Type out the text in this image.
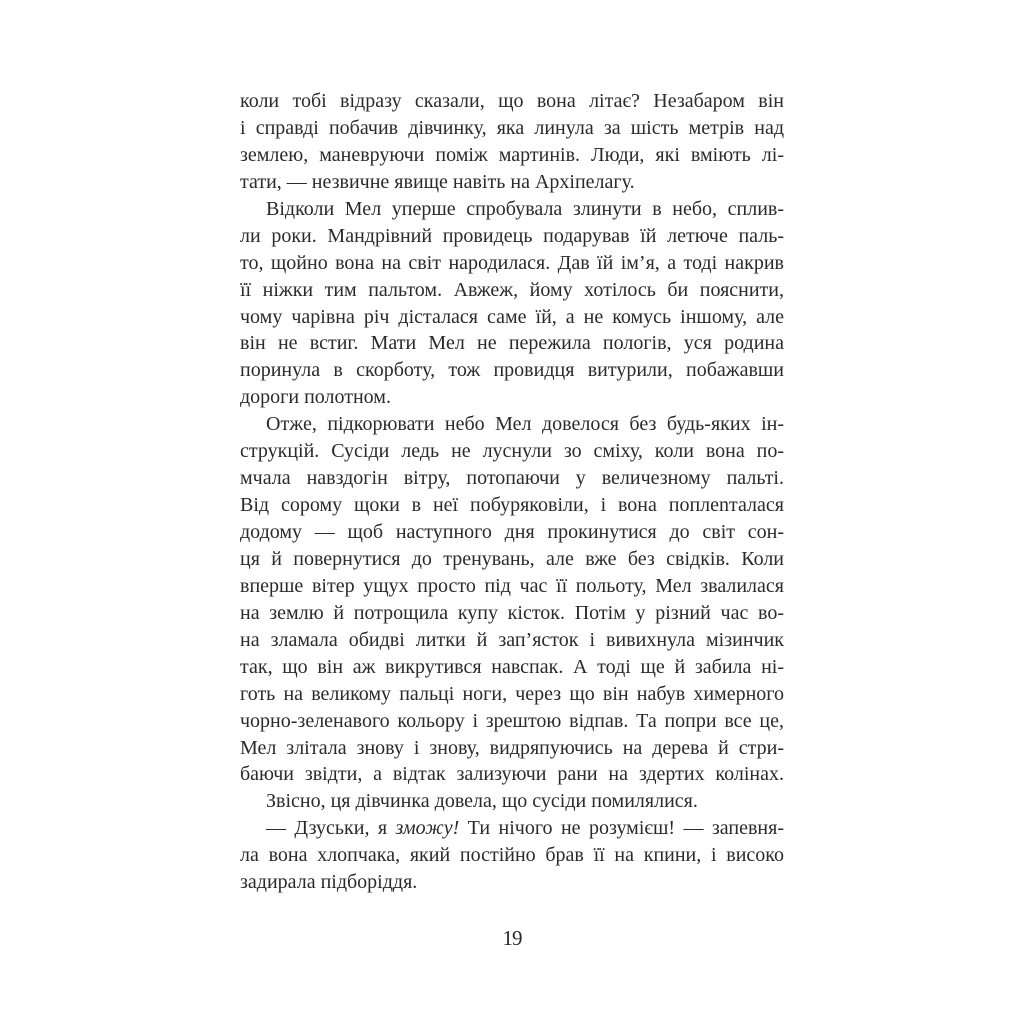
коли тобі відразу сказали, що вона літає? Незабаром він
і справді побачив дівчинку, яка линула за шість метрів над
землею, маневруючи поміж мартинів. Люди, які вміють лі-
тати, — незвичне явище навіть на Архіпелагу.
Відколи Мел уперше спробувала злинути в небо, сплив-
ли роки. Мандрівний провидець подарував їй летюче паль-
то, щойно вона на світ народилася. Дав їй ім’я, а тоді накрив
її ніжки тим пальтом. Авжеж, йому хотілось би пояснити,
чому чарівна річ дісталася саме їй, а не комусь іншому, але
він не встиг. Мати Мел не пережила пологів, уся родина
поринула в скорботу, тож провидця витурили, побажавши
дороги полотном.
Отже, підкорювати небо Мел довелося без будь-яких ін-
струкцій. Сусіди ледь не луснули зо сміху, коли вона по-
мчала навздогін вітру, потопаючи у величезному пальті.
Від сорому щоки в неї побуряковіли, і вона поплenталася
додому — щоб наступного дня прокинутися до світ сон-
ця й повернутися до тренувань, але вже без свідків. Коли
вперше вітер ущух просто під час її польоту, Мел звалилася
на землю й потрощила купу кісток. Потім у різний час во-
на зламала обидві литки й зап’ясток і вивихнула мізинчик
так, що він аж викрутився навспак. А тоді ще й забила ні-
готь на великому пальці ноги, через що він набув химерного
чорно-зеленавого кольору і зрештою відпав. Та попри все це,
Мел злітала знову і знову, видряпуючись на дерева й стри-
баючи звідти, а відтак зализуючи рани на здертих колінах.
Звісно, ця дівчинка довела, що сусіди помилялися.
— Дзуськи, я зможу! Ти нічого не розумієш! — запевня-
ла вона хлопчака, який постійно брав її на кпини, і високо
задирала підборіддя.
19
